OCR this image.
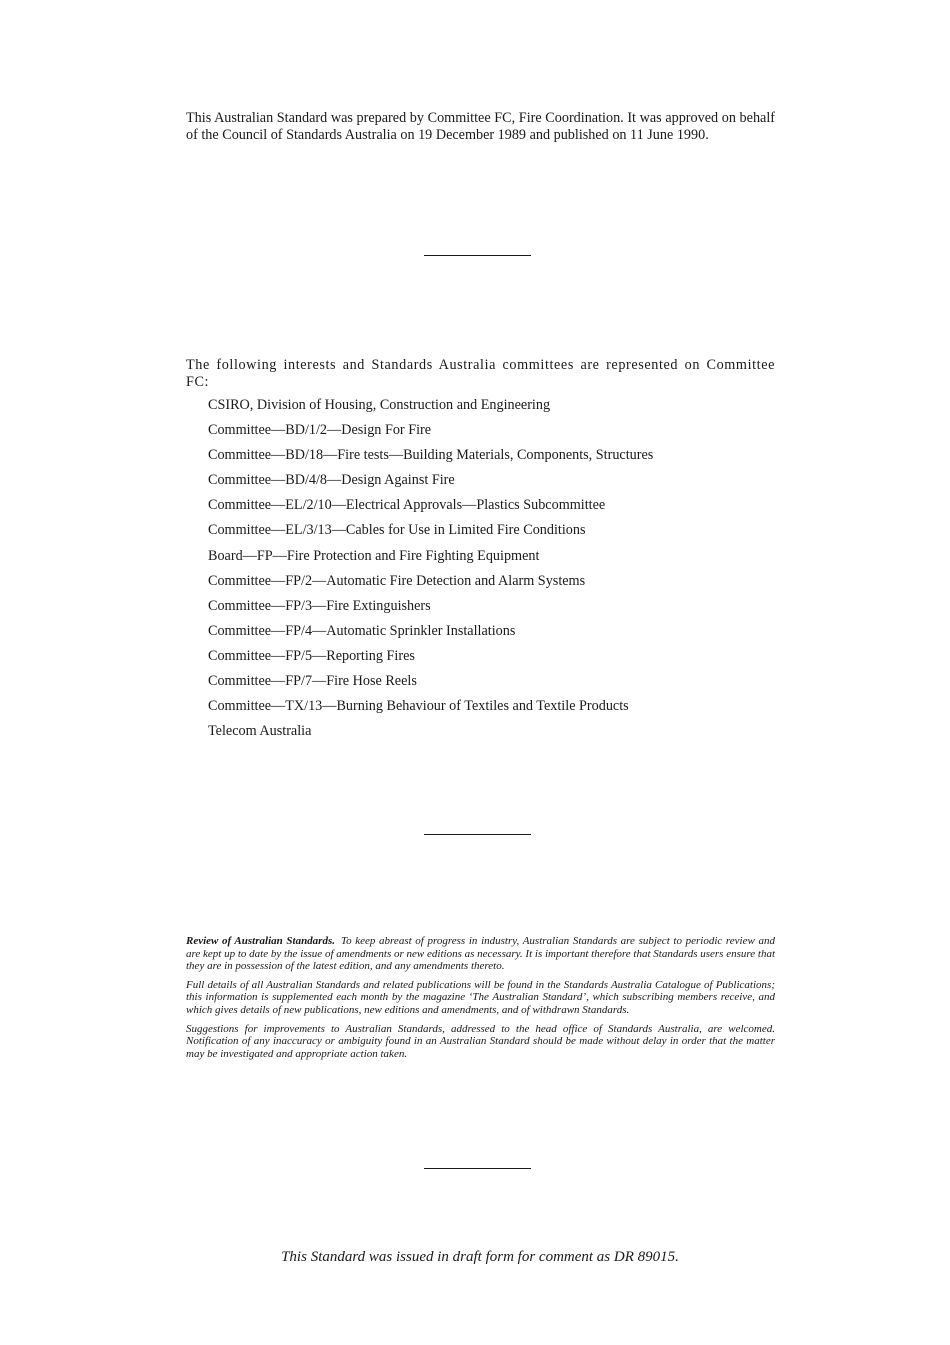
This Australian Standard was prepared by Committee FC, Fire Coordination. It was approved on behalf of the Council of Standards Australia on 19 December 1989 and published on 11 June 1990.
The following interests and Standards Australia committees are represented on Committee FC:
CSIRO, Division of Housing, Construction and Engineering
Committee—BD/1/2—Design For Fire
Committee—BD/18—Fire tests—Building Materials, Components, Structures
Committee—BD/4/8—Design Against Fire
Committee—EL/2/10—Electrical Approvals—Plastics Subcommittee
Committee—EL/3/13—Cables for Use in Limited Fire Conditions
Board—FP—Fire Protection and Fire Fighting Equipment
Committee—FP/2—Automatic Fire Detection and Alarm Systems
Committee—FP/3—Fire Extinguishers
Committee—FP/4—Automatic Sprinkler Installations
Committee—FP/5—Reporting Fires
Committee—FP/7—Fire Hose Reels
Committee—TX/13—Burning Behaviour of Textiles and Textile Products
Telecom Australia

Review of Australian Standards. To keep abreast of progress in industry, Australian Standards are subject to periodic review and are kept up to date by the issue of amendments or new editions as necessary. It is important therefore that Standards users ensure that they are in possession of the latest edition, and any amendments thereto.

Full details of all Australian Standards and related publications will be found in the Standards Australia Catalogue of Publications; this information is supplemented each month by the magazine ‘The Australian Standard’, which subscribing members receive, and which gives details of new publications, new editions and amendments, and of withdrawn Standards.

Suggestions for improvements to Australian Standards, addressed to the head office of Standards Australia, are welcomed. Notification of any inaccuracy or ambiguity found in an Australian Standard should be made without delay in order that the matter may be investigated and appropriate action taken.

This Standard was issued in draft form for comment as DR 89015.
